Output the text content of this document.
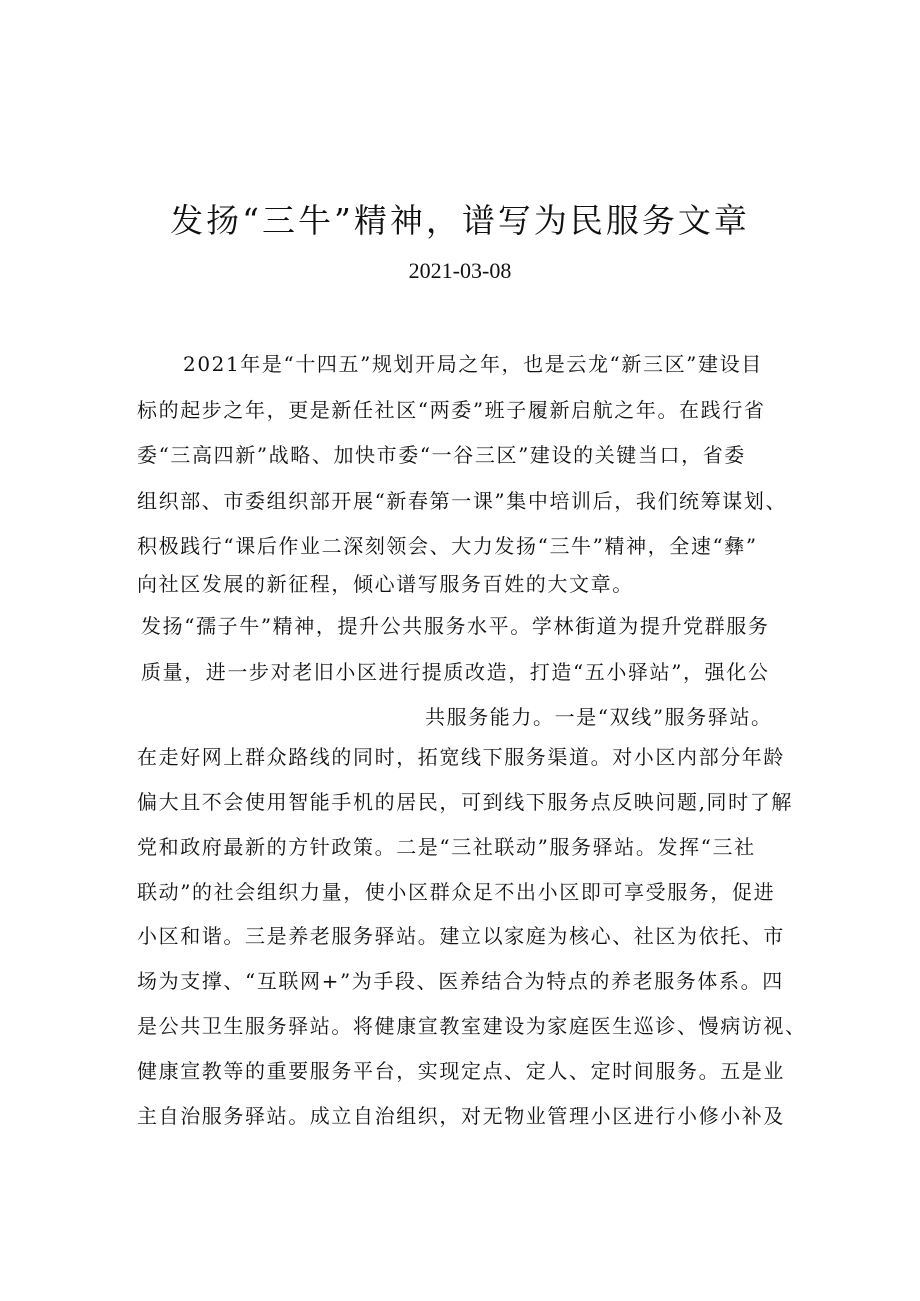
发扬“三牛”精神，谱写为民服务文章

2021-03-08

2021年是“十四五”规划开局之年，也是云龙“新三区”建设目

标的起步之年，更是新任社区“两委”班子履新启航之年。在践行省

委“三高四新”战略、加快市委“一谷三区”建设的关键当口，省委

组织部、市委组织部开展“新春第一课”集中培训后，我们统筹谋划、

积极践行“课后作业二深刻领会、大力发扬“三牛”精神，全速“彝”

向社区发展的新征程，倾心谱写服务百姓的大文章。

发扬“孺子牛”精神，提升公共服务水平。学林街道为提升党群服务

质量，进一步对老旧小区进行提质改造，打造“五小驿站”，强化公

共服务能力。一是“双线”服务驿站。

在走好网上群众路线的同时，拓宽线下服务渠道。对小区内部分年龄

偏大且不会使用智能手机的居民，可到线下服务点反映问题,同时了解

党和政府最新的方针政策。二是“三社联动”服务驿站。发挥“三社

联动”的社会组织力量，使小区群众足不出小区即可享受服务，促进

小区和谐。三是养老服务驿站。建立以家庭为核心、社区为依托、市

场为支撑、“互联网+”为手段、医养结合为特点的养老服务体系。四

是公共卫生服务驿站。将健康宣教室建设为家庭医生巡诊、慢病访视、

健康宣教等的重要服务平台，实现定点、定人、定时间服务。五是业

主自治服务驿站。成立自治组织，对无物业管理小区进行小修小补及
